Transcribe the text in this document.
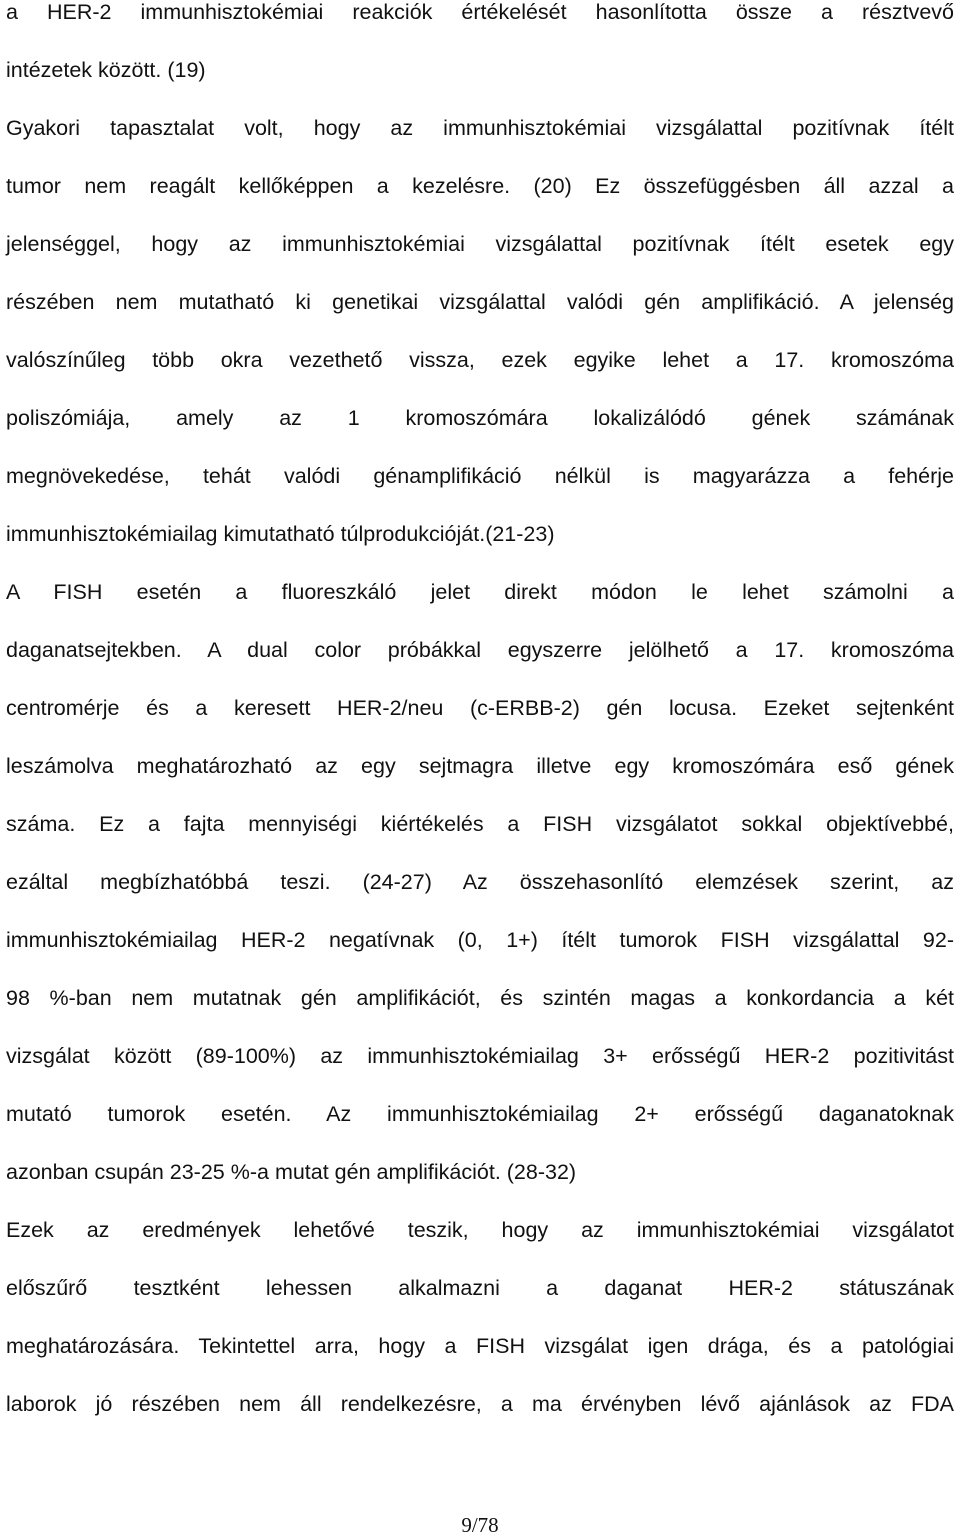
a HER-2 immunhisztokémiai reakciók értékelését hasonlította össze a résztvevő
intézetek között. (19)
Gyakori tapasztalat volt, hogy az immunhisztokémiai vizsgálattal pozitívnak ítélt
tumor nem reagált kellőképpen a kezelésre. (20) Ez összefüggésben áll azzal a
jelenséggel, hogy az immunhisztokémiai vizsgálattal pozitívnak ítélt esetek egy
részében nem mutatható ki genetikai vizsgálattal valódi gén amplifikáció. A jelenség
valószínűleg több okra vezethető vissza, ezek egyike lehet a 17. kromoszóma
poliszómiája, amely az 1 kromoszómára lokalizálódó gének számának
megnövekedése, tehát valódi génamplifikáció nélkül is magyarázza a fehérje
immunhisztokémiailag kimutatható túlprodukcióját.(21-23)
A FISH esetén a fluoreszkáló jelet direkt módon le lehet számolni a
daganatsejtekben. A dual color próbákkal egyszerre jelölhető a 17. kromoszóma
centromérje és a keresett HER-2/neu (c-ERBB-2) gén locusa. Ezeket sejtenként
leszámolva meghatározható az egy sejtmagra illetve egy kromoszómára eső gének
száma. Ez a fajta mennyiségi kiértékelés a FISH vizsgálatot sokkal objektívebbé,
ezáltal megbízhatóbbá teszi. (24-27) Az összehasonlító elemzések szerint, az
immunhisztokémiailag HER-2 negatívnak (0, 1+) ítélt tumorok FISH vizsgálattal 92-
98 %-ban nem mutatnak gén amplifikációt, és szintén magas a konkordancia a két
vizsgálat között (89-100%) az immunhisztokémiailag 3+ erősségű HER-2 pozitivitást
mutató tumorok esetén. Az immunhisztokémiailag 2+ erősségű daganatoknak
azonban csupán 23-25 %-a mutat gén amplifikációt. (28-32)
Ezek az eredmények lehetővé teszik, hogy az immunhisztokémiai vizsgálatot
előszűrő tesztként lehessen alkalmazni a daganat HER-2 státuszának
meghatározására. Tekintettel arra, hogy a FISH vizsgálat igen drága, és a patológiai
laborok jó részében nem áll rendelkezésre, a ma érvényben lévő ajánlások az FDA
9/78
